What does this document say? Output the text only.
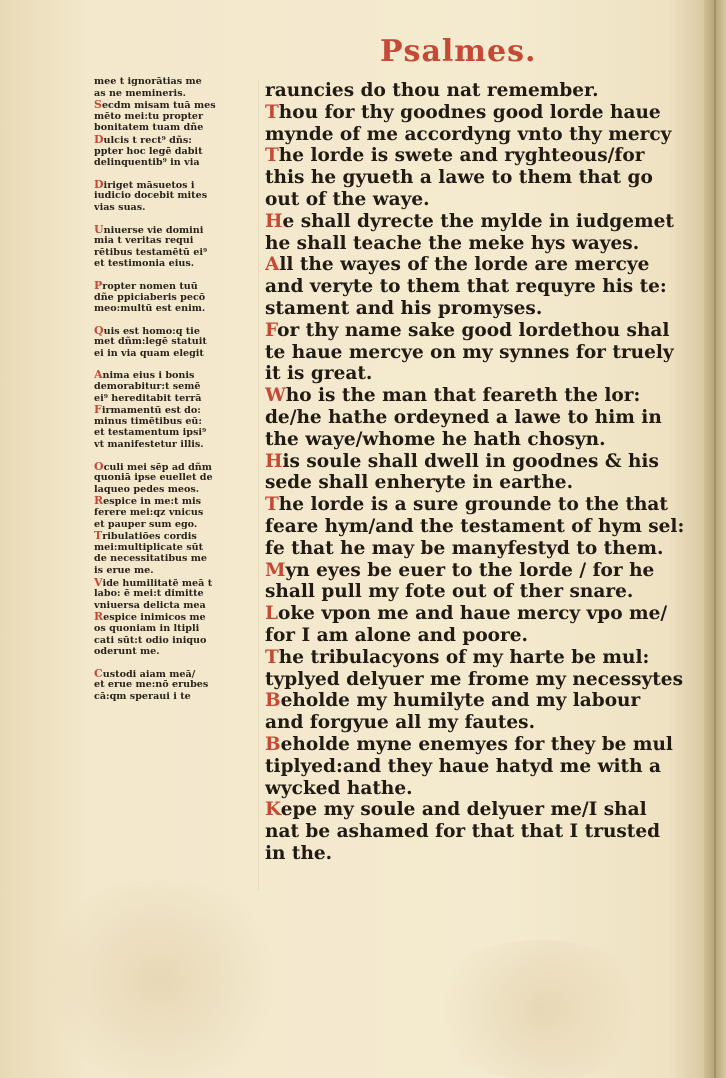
Psalmes.
mee t ignorātias me
as ne memineris.
Secdm misam tuā mes
mēto mei:tu propter
bonitatem tuam dñe
Dulcis t rect⁹ dñs:
ppter hoc legē dabit
delinquentib⁹ in via
Diriget māsuetos i
iudicio docebit mites
vias suas.
Uniuerse vie domini
mia t veritas requi
rētibus testamētū ei⁹
et testimonia eius.
Propter nomen tuū
dñe ppiciaberis pecō
meo:multū est enim.
Quis est homo:q tie
met dñm:legē statuit
ei in via quam elegit
Anima eius i bonis
demorabitur:t semē
ei⁹ hereditabit terrā
Firmamentū est do:
minus timētibus eū:
et testamentum ipsi⁹
vt manifestetur illis.
Oculi mei sēp ad dñm
quoniā ipse euellet de
laqueo pedes meos.
Respice in me:t mis
ferere mei:qz vnicus
et pauper sum ego.
Tribulatiōes cordis
mei:multiplicate sūt
de necessitatibus me
is erue me.
Vide humilitatē meā t
labo: ē mei:t dimitte
vniuersa delicta mea
Respice inimicos me
os quoniam in ltipli
cati sūt:t odio iniquo
oderunt me.
Custodi aiam meā/
et erue me:nō erubes
cā:qm speraui i te
rauncies do thou nat remember.
Thou for thy goodnes good lorde haue
mynde of me accordyng vnto thy mercy
The lorde is swete and ryghteous/for
this he gyueth a lawe to them that go
out of the waye.
He shall dyrecte the mylde in iudgemet
he shall teache the meke hys wayes.
All the wayes of the lorde are mercye
and veryte to them that requyre his te:
stament and his promyses.
For thy name sake good lordethou shal
te haue mercye on my synnes for truely
it is great.
Who is the man that feareth the lor:
de/he hathe ordeyned a lawe to him in
the waye/whome he hath chosyn.
His soule shall dwell in goodnes & his
sede shall enheryte in earthe.
The lorde is a sure grounde to the that
feare hym/and the testament of hym sel:
fe that he may be manyfestyd to them.
Myn eyes be euer to the lorde / for he
shall pull my fote out of ther snare.
Loke vpon me and haue mercy vpo me/
for I am alone and poore.
The tribulacyons of my harte be mul:
typlyed delyuer me frome my necessytes
Beholde my humilyte and my labour
and forgyue all my fautes.
Beholde myne enemyes for they be mul
tiplyed:and they haue hatyd me with a
wycked hathe.
Kepe my soule and delyuer me/I shal
nat be ashamed for that that I trusted
in the.
